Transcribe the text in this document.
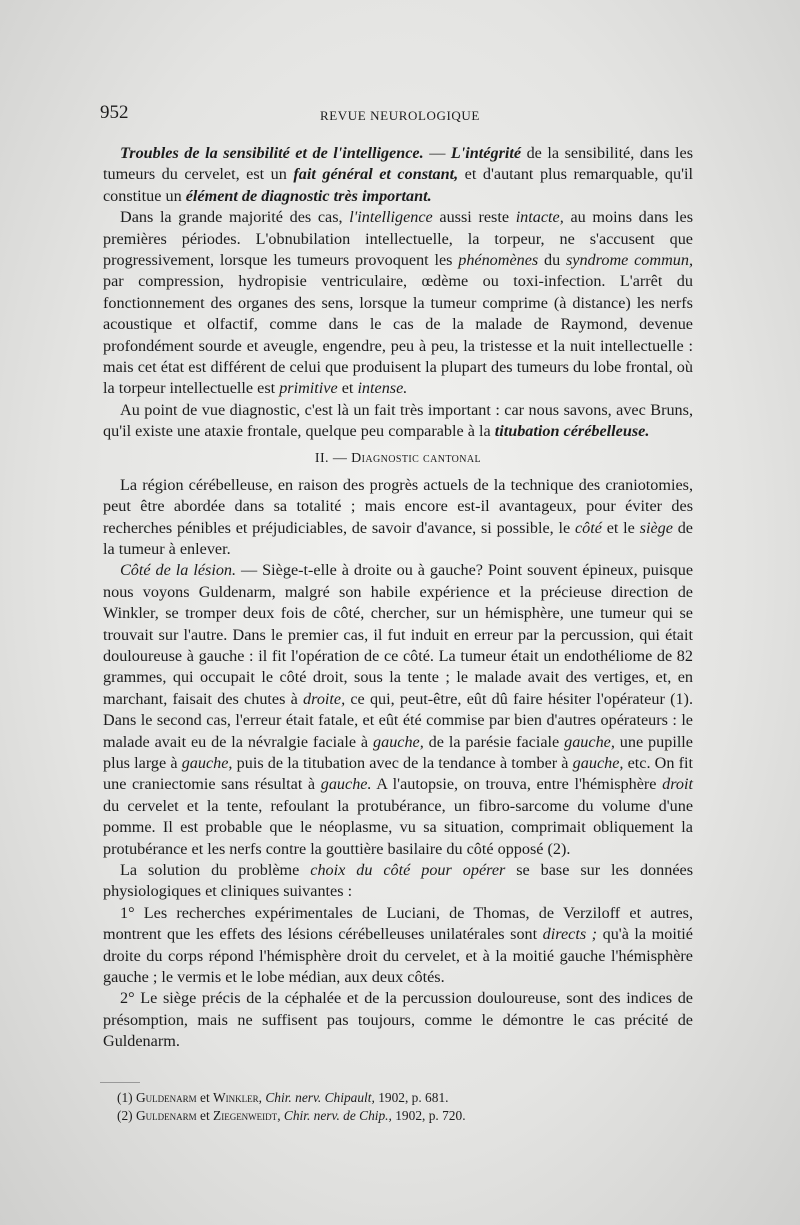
952	REVUE NEUROLOGIQUE

Troubles de la sensibilité et de l'intelligence. — L'intégrité de la sensibilité, dans les tumeurs du cervelet, est un fait général et constant, et d'autant plus remarquable, qu'il constitue un élément de diagnostic très important.

Dans la grande majorité des cas, l'intelligence aussi reste intacte, au moins dans les premières périodes. L'obnubilation intellectuelle, la torpeur, ne s'accusent que progressivement, lorsque les tumeurs provoquent les phénomènes du syndrome commun, par compression, hydropisie ventriculaire, œdème ou toxi-infection. L'arrêt du fonctionnement des organes des sens, lorsque la tumeur comprime (à distance) les nerfs acoustique et olfactif, comme dans le cas de la malade de Raymond, devenue profondément sourde et aveugle, engendre, peu à peu, la tristesse et la nuit intellectuelle : mais cet état est différent de celui que produisent la plupart des tumeurs du lobe frontal, où la torpeur intellectuelle est primitive et intense.

Au point de vue diagnostic, c'est là un fait très important : car nous savons, avec Bruns, qu'il existe une ataxie frontale, quelque peu comparable à la titubation cérébelleuse.

II. — Diagnostic cantonal

La région cérébelleuse, en raison des progrès actuels de la technique des craniotomies, peut être abordée dans sa totalité ; mais encore est-il avantageux, pour éviter des recherches pénibles et préjudiciables, de savoir d'avance, si possible, le côté et le siège de la tumeur à enlever.

Côté de la lésion. — Siège-t-elle à droite ou à gauche? Point souvent épineux, puisque nous voyons Guldenarm, malgré son habile expérience et la précieuse direction de Winkler, se tromper deux fois de côté, chercher, sur un hémisphère, une tumeur qui se trouvait sur l'autre. Dans le premier cas, il fut induit en erreur par la percussion, qui était douloureuse à gauche : il fit l'opération de ce côté. La tumeur était un endothéliome de 82 grammes, qui occupait le côté droit, sous la tente ; le malade avait des vertiges, et, en marchant, faisait des chutes à droite, ce qui, peut-être, eût dû faire hésiter l'opérateur (1). Dans le second cas, l'erreur était fatale, et eût été commise par bien d'autres opérateurs : le malade avait eu de la névralgie faciale à gauche, de la parésie faciale gauche, une pupille plus large à gauche, puis de la titubation avec de la tendance à tomber à gauche, etc. On fit une craniectomie sans résultat à gauche. A l'autopsie, on trouva, entre l'hémisphère droit du cervelet et la tente, refoulant la protubérance, un fibro-sarcome du volume d'une pomme. Il est probable que le néoplasme, vu sa situation, comprimait obliquement la protubérance et les nerfs contre la gouttière basilaire du côté opposé (2).

La solution du problème choix du côté pour opérer se base sur les données physiologiques et cliniques suivantes :

1° Les recherches expérimentales de Luciani, de Thomas, de Verziloff et autres, montrent que les effets des lésions cérébelleuses unilatérales sont directs ; qu'à la moitié droite du corps répond l'hémisphère droit du cervelet, et à la moitié gauche l'hémisphère gauche ; le vermis et le lobe médian, aux deux côtés.

2° Le siège précis de la céphalée et de la percussion douloureuse, sont des indices de présomption, mais ne suffisent pas toujours, comme le démontre le cas précité de Guldenarm.

(1) Guldenarm et Winkler, Chir. nerv. Chipault, 1902, p. 681.

(2) Guldenarm et Ziegenweidt, Chir. nerv. de Chip., 1902, p. 720.
